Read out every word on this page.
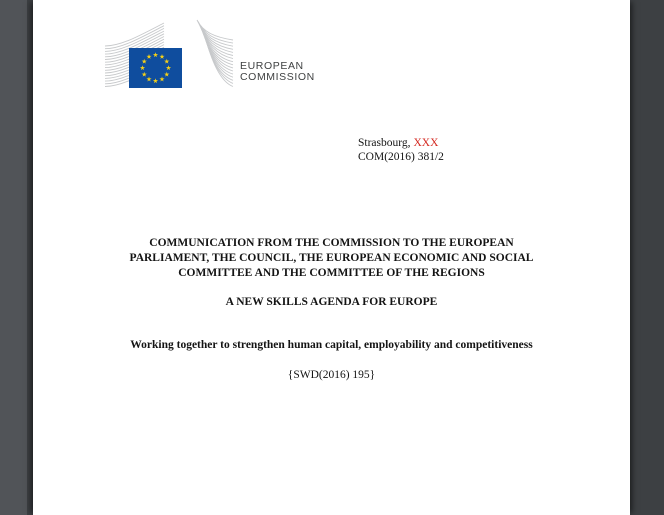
EUROPEAN
COMMISSION
Strasbourg, XXX
COM(2016) 381/2
COMMUNICATION FROM THE COMMISSION TO THE EUROPEAN
PARLIAMENT, THE COUNCIL, THE EUROPEAN ECONOMIC AND SOCIAL
COMMITTEE AND THE COMMITTEE OF THE REGIONS
A NEW SKILLS AGENDA FOR EUROPE
Working together to strengthen human capital, employability and competitiveness
{SWD(2016) 195}
